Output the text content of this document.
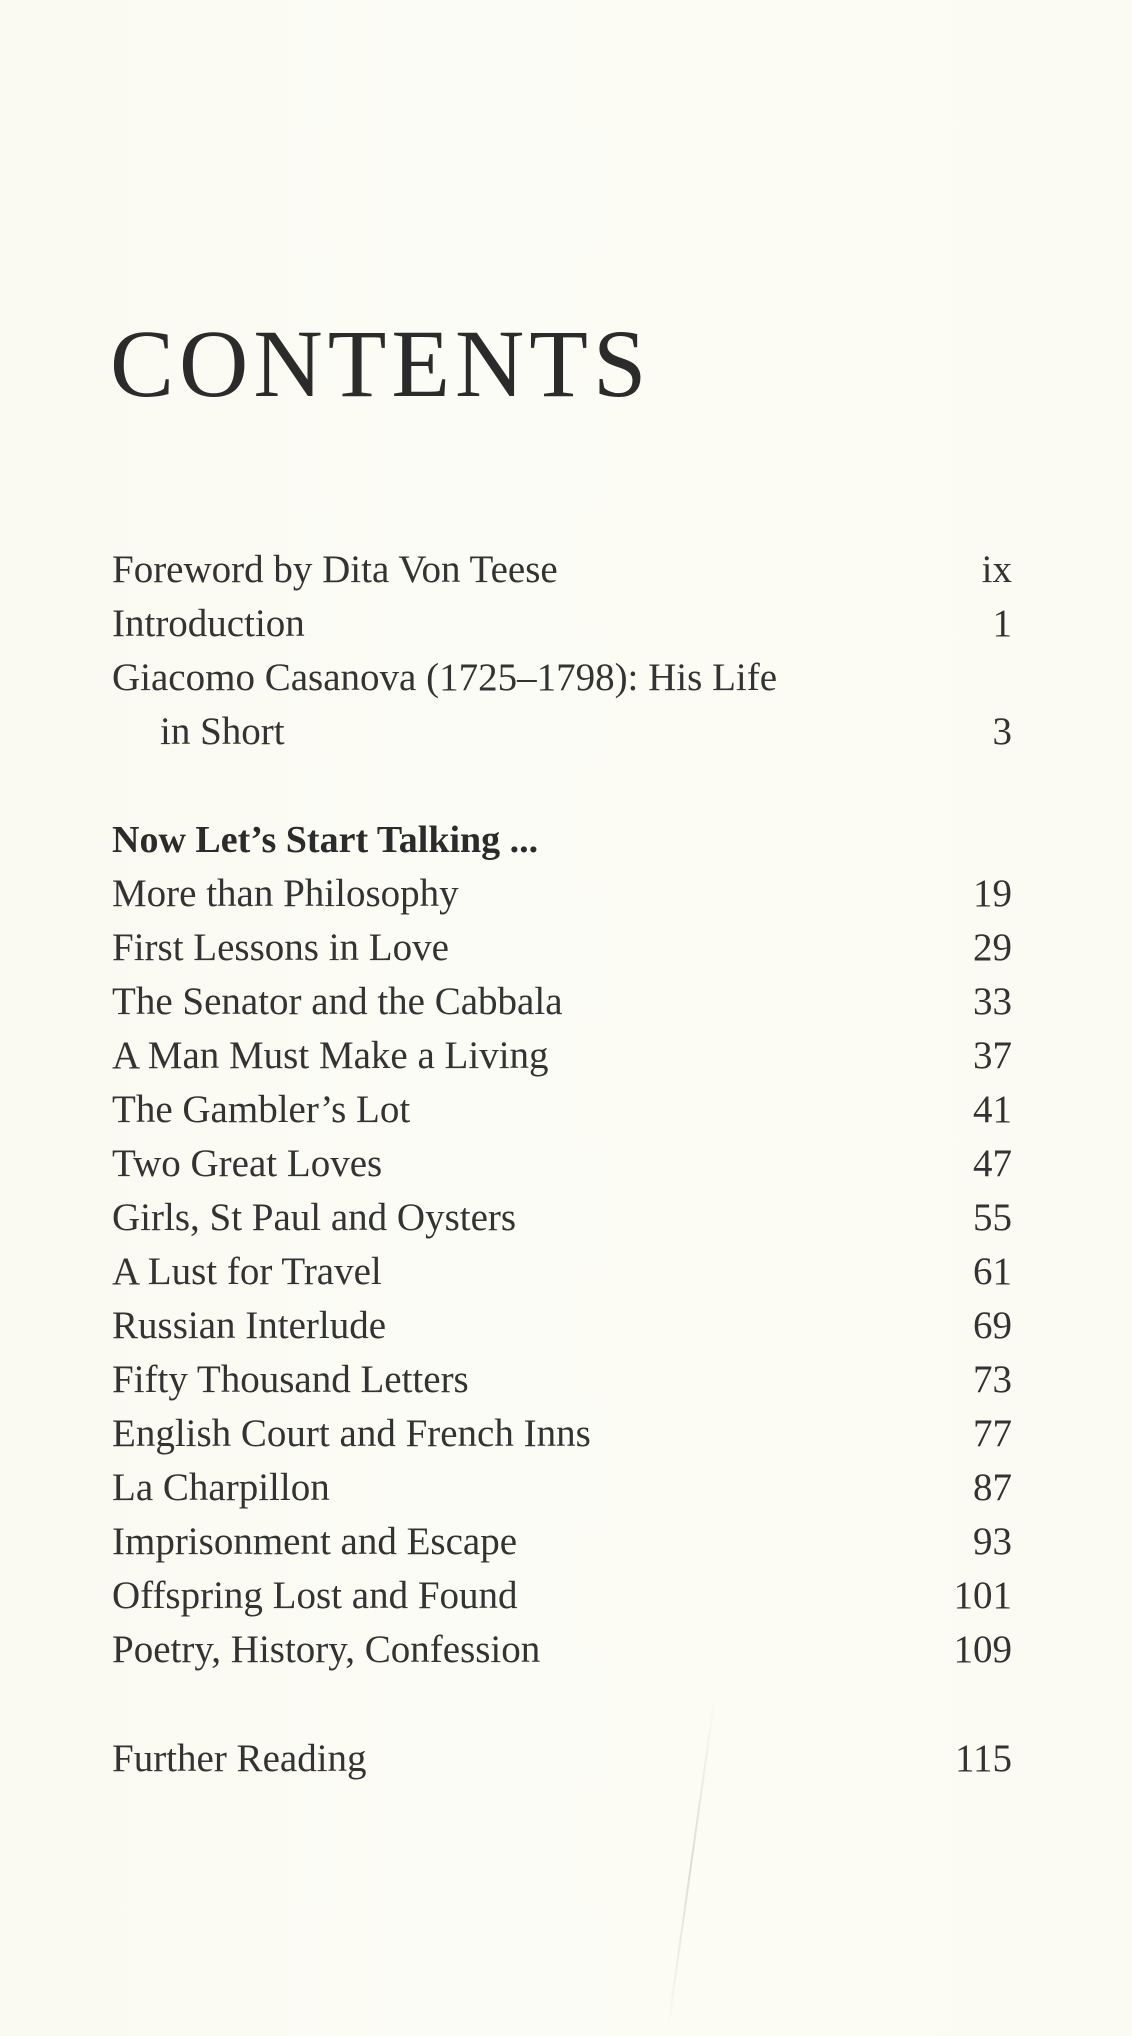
CONTENTS
Foreword by Dita Von Teese	ix
Introduction	1
Giacomo Casanova (1725–1798): His Life
in Short	3
Now Let’s Start Talking ...
More than Philosophy	19
First Lessons in Love	29
The Senator and the Cabbala	33
A Man Must Make a Living	37
The Gambler’s Lot	41
Two Great Loves	47
Girls, St Paul and Oysters	55
A Lust for Travel	61
Russian Interlude	69
Fifty Thousand Letters	73
English Court and French Inns	77
La Charpillon	87
Imprisonment and Escape	93
Offspring Lost and Found	101
Poetry, History, Confession	109
Further Reading	115
